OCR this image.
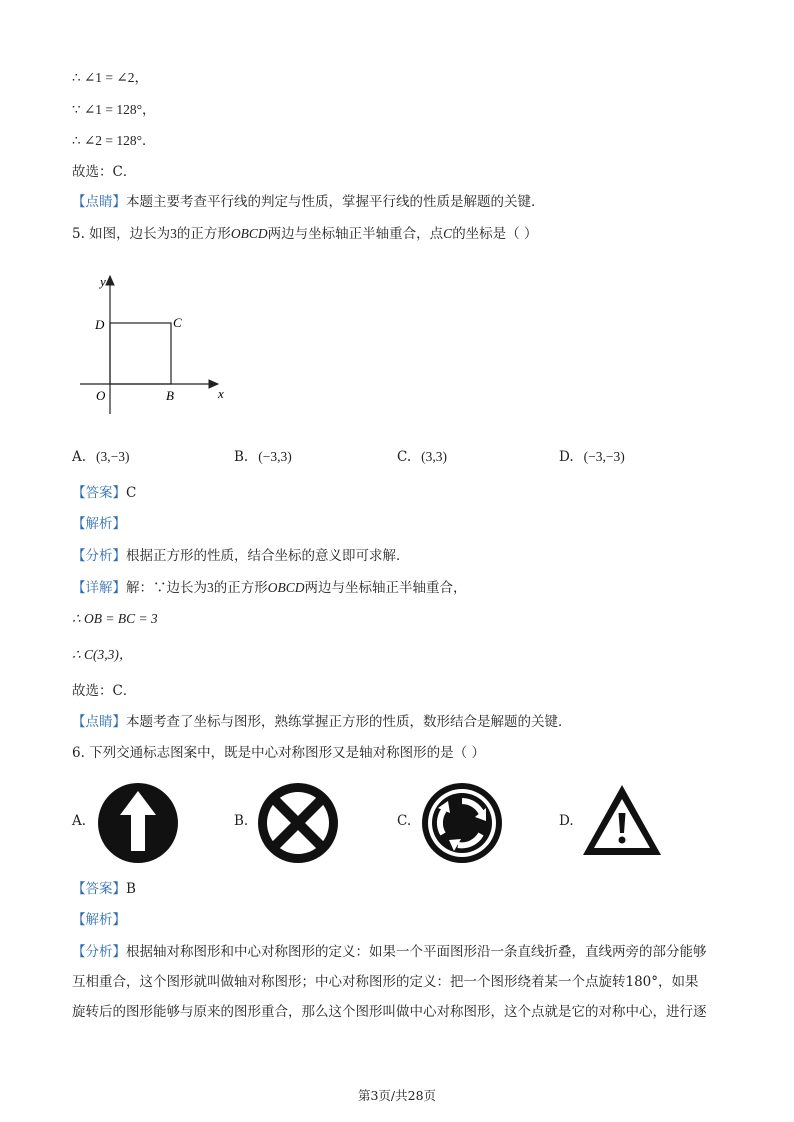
∴ ∠1 = ∠2，
∵ ∠1 = 128°，
∴ ∠2 = 128°．
故选：C．
【点睛】本题主要考查平行线的判定与性质，掌握平行线的性质是解题的关键．
5. 如图，边长为3的正方形OBCD两边与坐标轴正半轴重合，点C的坐标是（ ）
y
x
D	C
O	B
A. (3,−3)	B. (−3,3)	C. (3,3)	D. (−3,−3)
【答案】C
【解析】
【分析】根据正方形的性质，结合坐标的意义即可求解．
【详解】解：∵边长为3的正方形OBCD两边与坐标轴正半轴重合，
∴ OB = BC = 3
∴ C(3,3)，
故选：C．
【点睛】本题考查了坐标与图形，熟练掌握正方形的性质，数形结合是解题的关键．
6. 下列交通标志图案中，既是中心对称图形又是轴对称图形的是（ ）
A.	B.	C.	D.
【答案】B
【解析】
【分析】根据轴对称图形和中心对称图形的定义：如果一个平面图形沿一条直线折叠，直线两旁的部分能够
互相重合，这个图形就叫做轴对称图形；中心对称图形的定义：把一个图形绕着某一个点旋转180°，如果
旋转后的图形能够与原来的图形重合，那么这个图形叫做中心对称图形，这个点就是它的对称中心，进行逐
第3页/共28页
